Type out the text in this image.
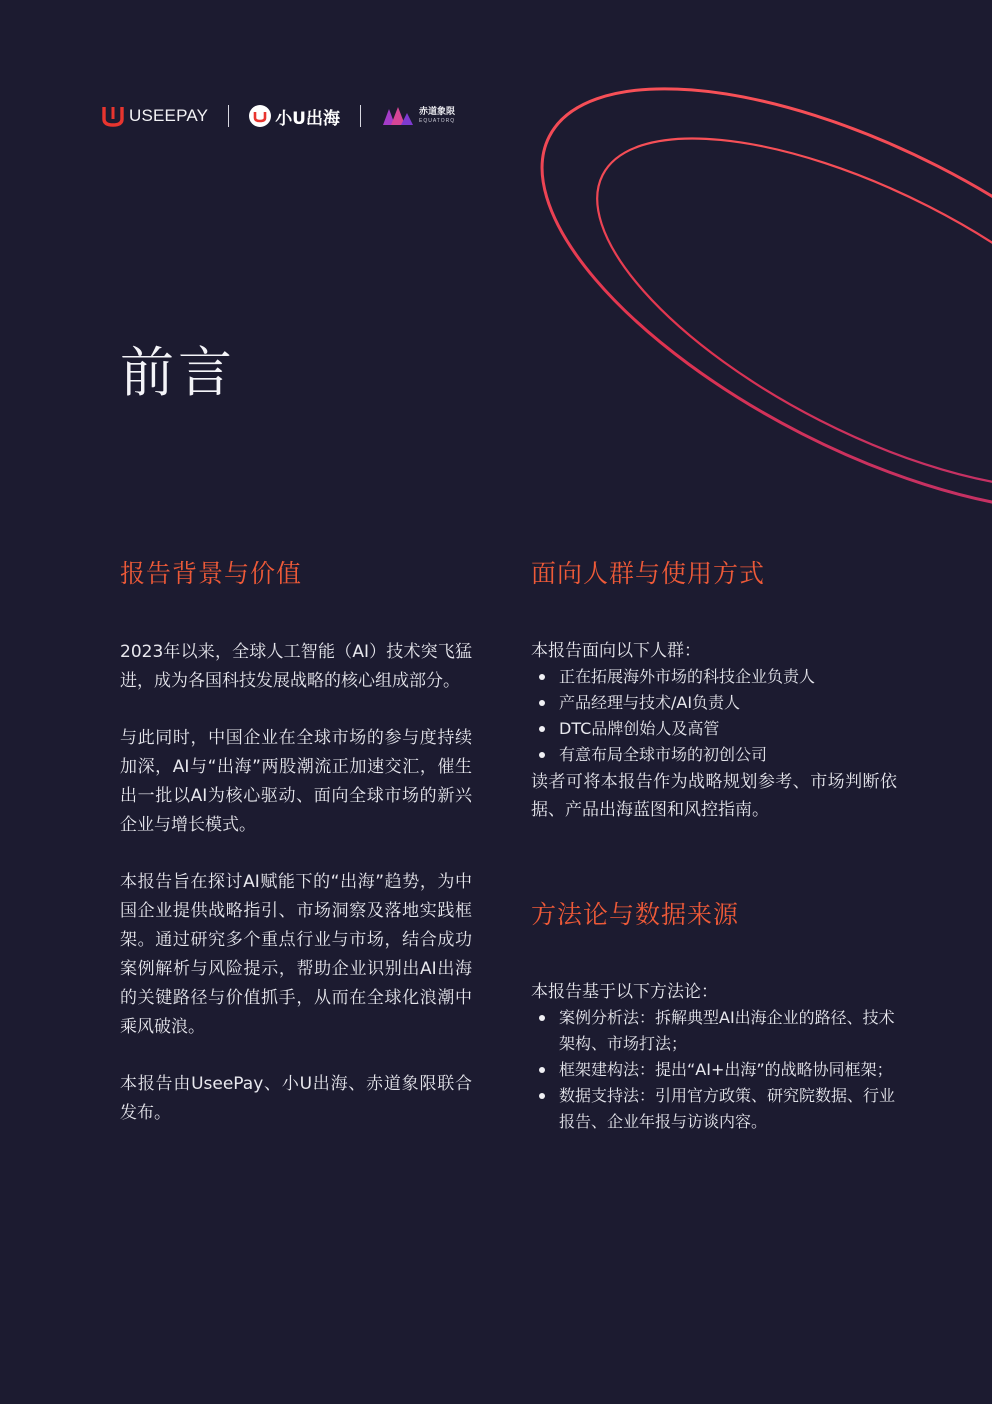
USEEPAY	小U出海	赤道象限
EQUATORQ
前言
报告背景与价值

2023年以来，全球人工智能（AI）技术突飞猛进，成为各国科技发展战略的核心组成部分。

与此同时，中国企业在全球市场的参与度持续加深，AI与“出海”两股潮流正加速交汇，催生出一批以AI为核心驱动、面向全球市场的新兴企业与增长模式。

本报告旨在探讨AI赋能下的“出海”趋势，为中国企业提供战略指引、市场洞察及落地实践框架。通过研究多个重点行业与市场，结合成功案例解析与风险提示，帮助企业识别出AI出海的关键路径与价值抓手，从而在全球化浪潮中乘风破浪。

本报告由UseePay、小U出海、赤道象限联合发布。

面向人群与使用方式

本报告面向以下人群：

正在拓展海外市场的科技企业负责人
产品经理与技术/AI负责人
DTC品牌创始人及高管
有意布局全球市场的初创公司

读者可将本报告作为战略规划参考、市场判断依据、产品出海蓝图和风控指南。

方法论与数据来源

本报告基于以下方法论：

案例分析法：拆解典型AI出海企业的路径、技术架构、市场打法；
框架建构法：提出“AI+出海”的战略协同框架；
数据支持法：引用官方政策、研究院数据、行业报告、企业年报与访谈内容。
